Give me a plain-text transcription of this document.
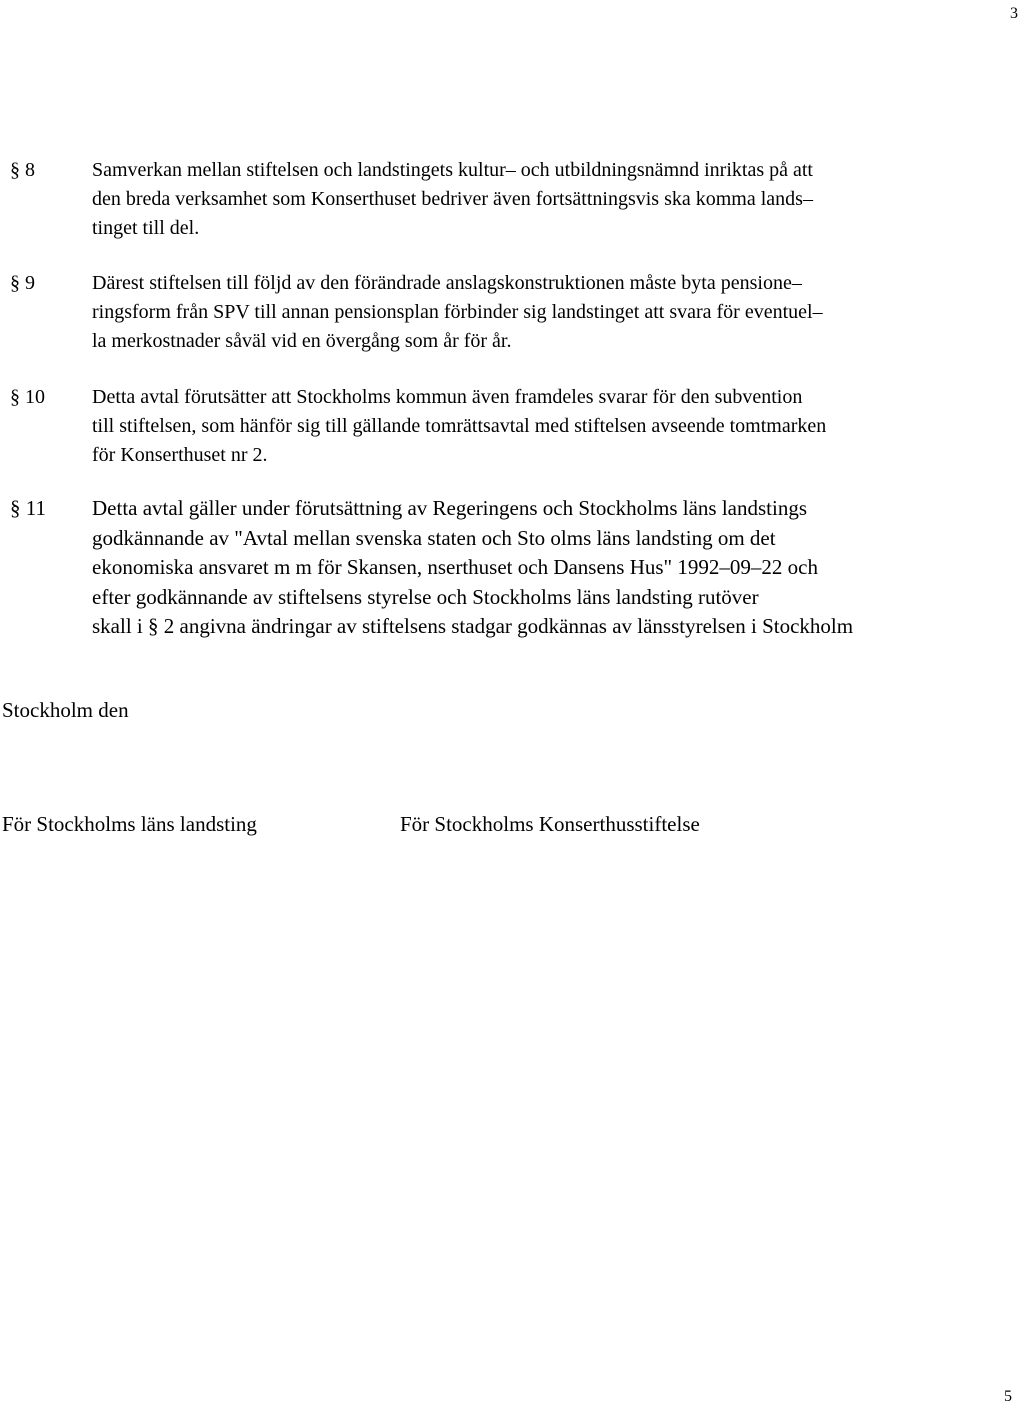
3
§ 8	Samverkan mellan stiftelsen och landstingets kultur– och utbildningsnämnd inriktas på att
den breda verksamhet som Konserthuset bedriver även fortsättningsvis ska komma lands–
tinget till del.
§ 9	Därest stiftelsen till följd av den förändrade anslagskonstruktionen måste byta pensione–
ringsform från SPV till annan pensionsplan förbinder sig landstinget att svara för eventuel–
la merkostnader såväl vid en övergång som år för år.
§ 10 Detta avtal förutsätter att Stockholms kommun även framdeles svarar för den subvention
till stiftelsen, som hänför sig till gällande tomrättsavtal med stiftelsen avseende tomtmarken
för Konserthuset nr 2.
§ 11 Detta avtal gäller under förutsättning av Regeringens och Stockholms läns landstings
godkännande av "Avtal mellan svenska staten och Sto olms läns landsting om det
ekonomiska ansvaret m m för Skansen, nserthuset och Dansens Hus" 1992–09–22 och
efter godkännande av stiftelsens styrelse och Stockholms läns landsting rutöver
skall i § 2 angivna ändringar av stiftelsens stadgar godkännas av länsstyrelsen i Stockholm
Stockholm den
För Stockholms läns landsting	För Stockholms Konserthusstiftelse
5
